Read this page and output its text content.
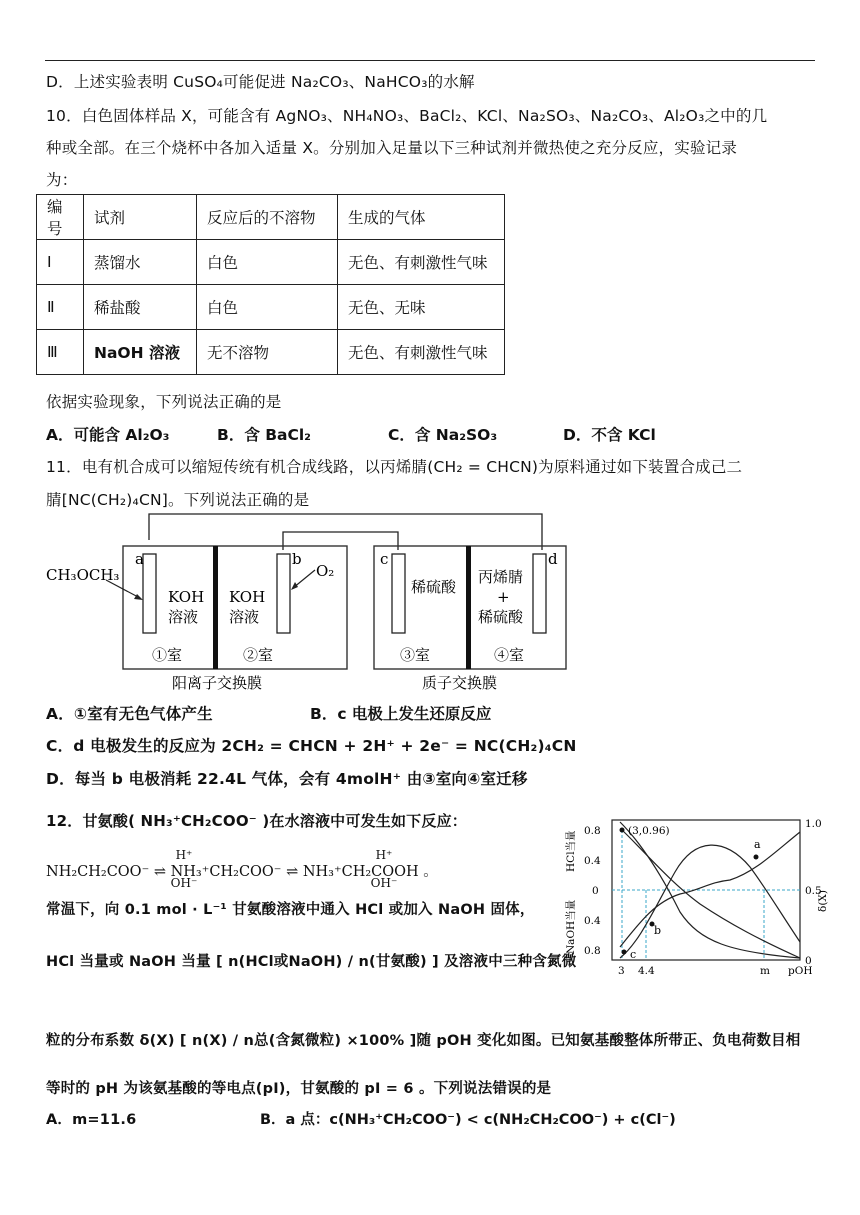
D．上述实验表明 CuSO₄可能促进 Na₂CO₃、NaHCO₃的水解
10．白色固体样品 X，可能含有 AgNO₃、NH₄NO₃、BaCl₂、KCl、Na₂SO₃、Na₂CO₃、Al₂O₃之中的几
种或全部。在三个烧杯中各加入适量 X。分别加入足量以下三种试剂并微热使之充分反应，实验记录
为：
编号	试剂	反应后的不溶物	生成的气体
Ⅰ	蒸馏水	白色	无色、有刺激性气味
Ⅱ	稀盐酸	白色	无色、无味
Ⅲ	NaOH 溶液	无不溶物	无色、有刺激性气味
依据实验现象，下列说法正确的是
A．可能含 Al₂O₃	B．含 BaCl₂	C．含 Na₂SO₃	D．不含 KCl
11．电有机合成可以缩短传统有机合成线路，以丙烯腈(CH₂ = CHCN)为原料通过如下装置合成己二
腈[NC(CH₂)₄CN]。下列说法正确的是
CH₃OCH₃
a	b	c	d
O₂
KOH
溶液
KOH
溶液
稀硫酸
丙烯腈
+
稀硫酸
①室	②室	③室	④室
阳离子交换膜	质子交换膜
A．①室有无色气体产生	B．c 电极上发生还原反应
C．d 电极发生的反应为 2CH₂ = CHCN + 2H⁺ + 2e⁻ = NC(CH₂)₄CN
D．每当 b 电极消耗 22.4L 气体，会有 4molH⁺ 由③室向④室迁移
12．甘氨酸( NH₃⁺CH₂COO⁻ )在水溶液中可发生如下反应：
H⁺
OH⁻
H⁺
OH⁻
NH₂CH₂COO⁻ ⇌ NH₃⁺CH₂COO⁻ ⇌ NH₃⁺CH₂COOH 。
常温下，向 0.1 mol · L⁻¹ 甘氨酸溶液中通入 HCl 或加入 NaOH 固体，
HCl 当量或 NaOH 当量 [ n(HCl或NaOH) / n(甘氨酸) ] 及溶液中三种含氮微
(3,0.96)
a
b
c
0.8
0.4
0
0.4
0.8
1.0
0.5
0
3 4.4	m pOH
HCl当量
NaOH当量	δ(X)
粒的分布系数 δ(X) [ n(X) / n总(含氮微粒) ×100% ]随 pOH 变化如图。已知氨基酸整体所带正、负电荷数目相
等时的 pH 为该氨基酸的等电点(pI)，甘氨酸的 pI = 6 。下列说法错误的是
A．m=11.6	B．a 点：c(NH₃⁺CH₂COO⁻) < c(NH₂CH₂COO⁻) + c(Cl⁻)
